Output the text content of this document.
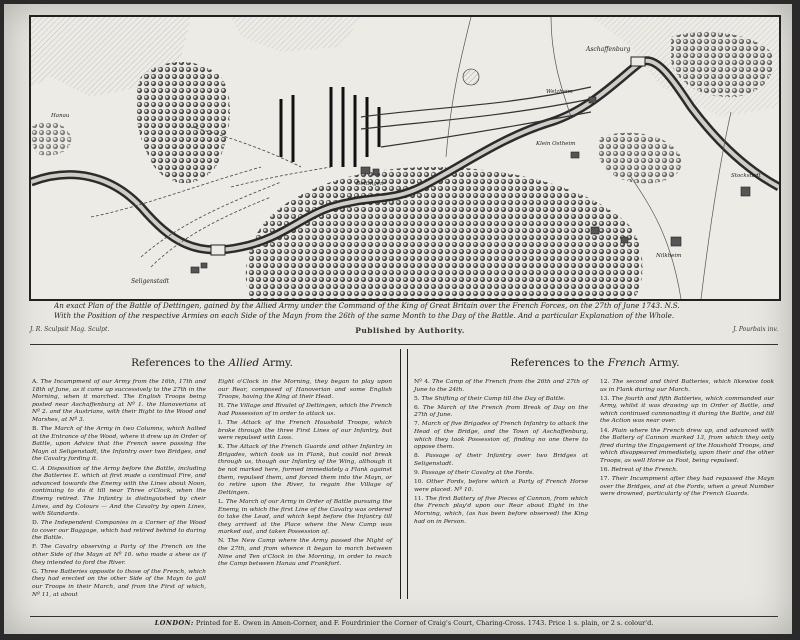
Seligenstadt
Aschaffenburg
Dettingen
Klein Ostheim
Stockstadt
Nilkheim
Hanau
Welzheim
An exact Plan of the Battle of Dettingen, gained by the Allied Army under the Command of the King of Great Britain over the French Forces, on the 27th of June 1743. N.S.
With the Position of the respective Armies on each Side of the Mayn from the 26th of the same Month to the Day of the Battle. And a particular Explanation of the Whole.
J. R. Sculpsit Mag. Sculpt.	Published by Authority.	J. Pourbaix inv.
References to the Allied Army.	References to the French Army.

A. The Incampment of our Army from the 16th, 17th and 18th of June, as it came up successively to the 27th in the Morning, when it marched. The English Troops being posted near Aschaffenburg at Nº 1. the Hanoverians at Nº 2. and the Austrians, with their Right to the Wood and Marshes, at Nº 3.

B. The March of the Army in two Columns, which halted at the Entrance of the Wood, where it drew up in Order of Battle, upon Advice that the French were passing the Mayn at Seligenstadt, the Infantry over two Bridges, and the Cavalry fording it.

C. A Disposition of the Army before the Battle, including the Batteries E. which at first made a continual Fire, and advanced towards the Enemy with the Lines about Noon, continuing to do it till near Three o'Clock, when the Enemy retired. The Infantry is distinguished by cheir Lines, and by Colours — And the Cavalry by open Lines, with Standards.

D. The Independent Companies in a Corner of the Wood to cover our Baggage, which had retired behind to during the Battle.

F. The Cavalry observing a Party of the French on the other Side of the Mayn at Nº 10. who made a shew as if they intended to ford the River.

G. Three Batteries opposite to those of the French, which they had erected on the other Side of the Mayn to gall our Troops in their March, and from the First of which, Nº 11, at about

Eight o'Clock in the Morning, they began to play upon our Rear, composed of Hanoverian and some English Troops, having the King at their Head.

H. The Village and Rivulet of Dettingen, which the French had Possession of in order to attack us.

I. The Attack of the French Houshold Troops, which broke through the three First Lines of our Infantry, but were repulsed with Loss.

K. The Attack of the French Guards and other Infantry in Brigades, which took us in Flank, but could not break through us, though our Infantry of the Wing, although it be not marked here, formed immediately a Flank against them, repulsed them, and forced them into the Mayn, or to retire upon the River, to regain the Village of Dettingen.

L. The March of our Army in Order of Battle pursuing the Enemy, in which the first Line of the Cavalry was ordered to take the Lead, and which kept before the Infantry till they arrived at the Place where the New Camp was marked out, and taken Possession of.

N. The New Camp where the Army passed the Night of the 27th, and from whence it began to march between Nine and Ten o'Clock in the Morning, in order to reach the Camp between Hanau and Frankfort.

Nº 4. The Camp of the French from the 26th and 27th of June to the 24th.

5. The Shifting of their Camp till the Day of Battle.

6. The March of the French from Break of Day on the 27th of June.

7. March of five Brigades of French Infantry to attack the Head of the Bridge, and the Town of Aschaffenburg, which they took Possession of, finding no one there to oppose them.

8. Passage of their Infantry over two Bridges at Seligenstadt.

9. Passage of their Cavalry at the Fords.

10. Other Fords, before which a Party of French Horse were placed. Nº 10.

11. The first Battery of five Pieces of Cannon, from which the French play'd upon our Rear about Eight in the Morning, which, (as has been before observed) the King had on in Person.

12. The second and third Batteries, which likewise took us in Flank during our March.

13. The fourth and fifth Batteries, which commanded our Army, whilst it was drawing up in Order of Battle, and which continued cannonading it during the Battle, and till the Action was near over.

14. Plain where the French drew up, and advanced with the Battery of Cannon marked 13, from which they only fired during the Engagement of the Houshold Troops, and which disappeared immediately, upon their and the other Troops, as well Horse as Foot, being repulsed.

16. Retreat of the French.

17. Their Incampment after they had repassed the Mayn over the Bridges, and at the Fords, when a great Number were drowned, particularly of the French Guards.

LONDON: Printed for E. Owen in Amen-Corner, and F. Fourdrinier the Corner of Craig's Court, Charing-Cross. 1743. Price 1 s. plain, or 2 s. colour'd.
